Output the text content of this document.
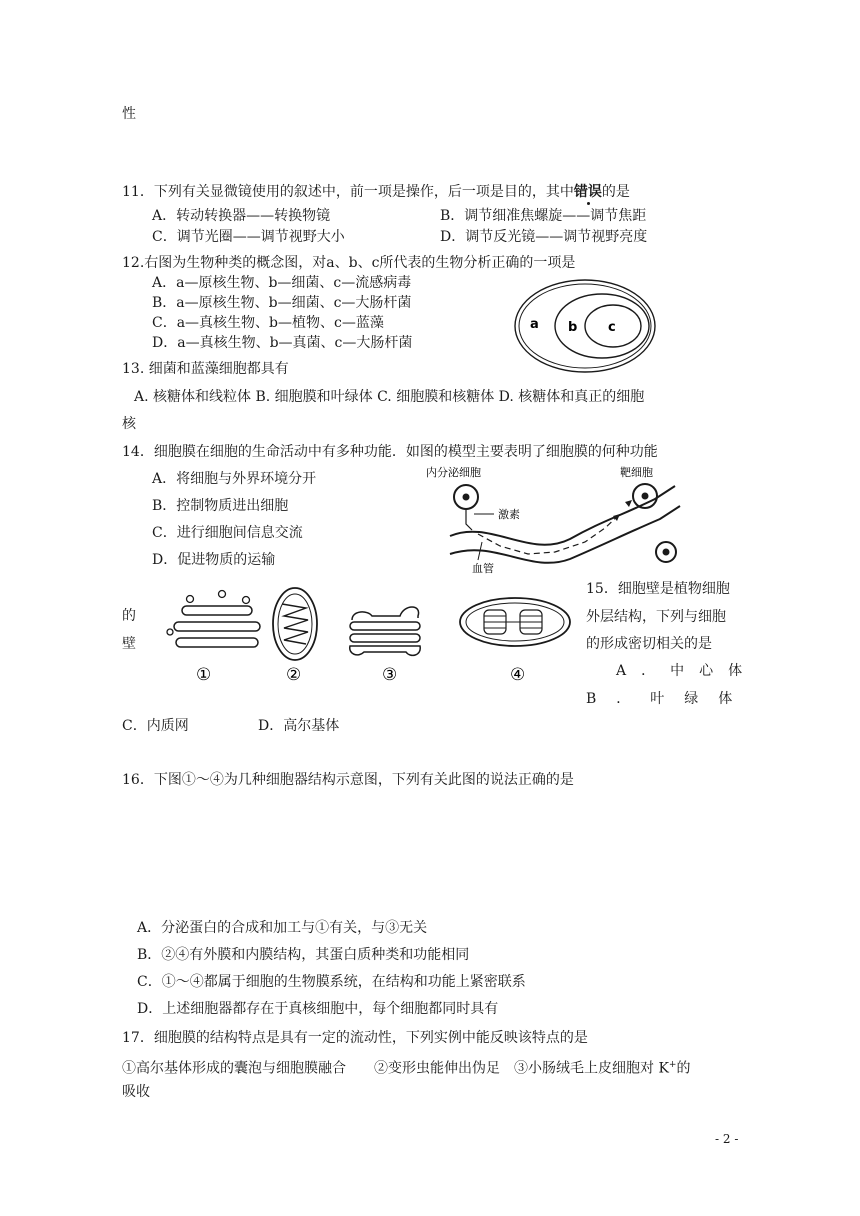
性
11．下列有关显微镜使用的叙述中，前一项是操作，后一项是目的，其中错误的是
A．转动转换器——转换物镜	B．调节细准焦螺旋——调节焦距
C．调节光圈——调节视野大小	D．调节反光镜——调节视野亮度
12.右图为生物种类的概念图，对a、b、c所代表的生物分析正确的一项是
A．a—原核生物、b—细菌、c—流感病毒
B．a—原核生物、b—细菌、c—大肠杆菌
C．a—真核生物、b—植物、c—蓝藻
D．a—真核生物、b—真菌、c—大肠杆菌
a b c
13. 细菌和蓝藻细胞都具有
A. 核糖体和线粒体 B. 细胞膜和叶绿体 C. 细胞膜和核糖体 D. 核糖体和真正的细胞
核
14．细胞膜在细胞的生命活动中有多种功能．如图的模型主要表明了细胞膜的何种功能
A．将细胞与外界环境分开
B．控制物质进出细胞
C．进行细胞间信息交流
D．促进物质的运输
内分泌细胞
激素
血管
靶细胞
15．细胞壁是植物细胞
外层结构，下列与细胞
的形成密切相关的是
的
壁
A．中心体
B．叶绿体
C．内质网	D．高尔基体
①	②	③	④
16．下图①～④为几种细胞器结构示意图，下列有关此图的说法正确的是
A．分泌蛋白的合成和加工与①有关，与③无关
B．②④有外膜和内膜结构，其蛋白质种类和功能相同
C．①～④都属于细胞的生物膜系统，在结构和功能上紧密联系
D．上述细胞器都存在于真核细胞中，每个细胞都同时具有
17．细胞膜的结构特点是具有一定的流动性，下列实例中能反映该特点的是
①高尔基体形成的囊泡与细胞膜融合　　②变形虫能伸出伪足　③小肠绒毛上皮细胞对 K+的
吸收
- 2 -
